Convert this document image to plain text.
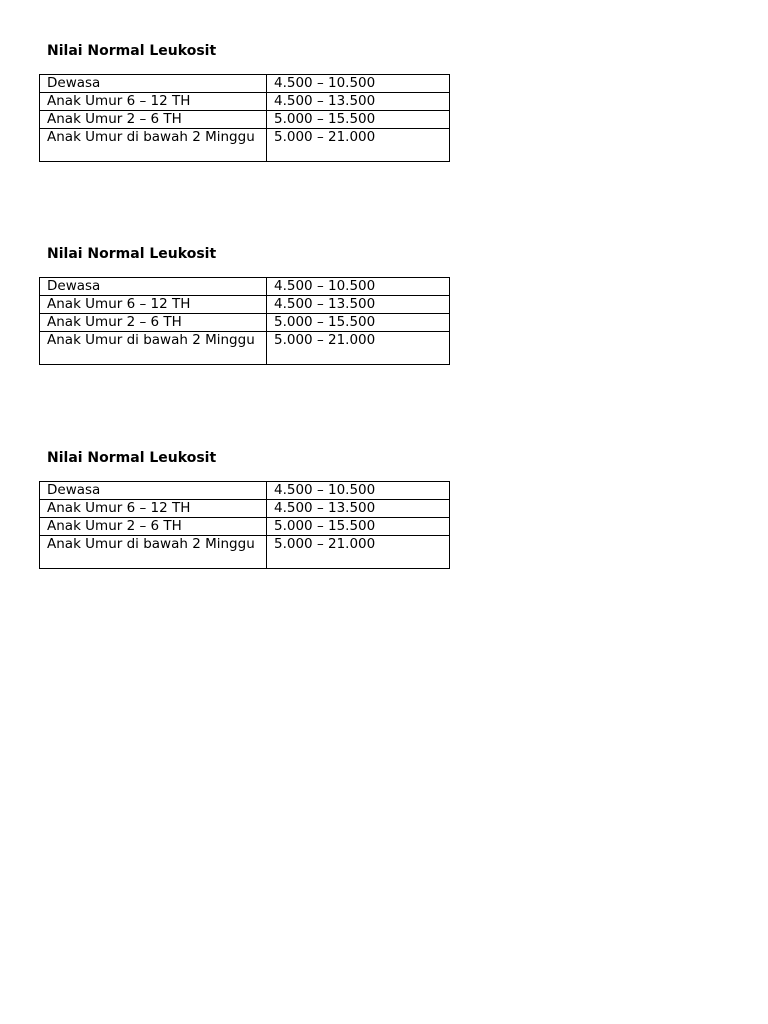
Nilai Normal Leukosit
Dewasa	4.500 – 10.500
Anak Umur 6 – 12 TH	4.500 – 13.500
Anak Umur 2 – 6 TH	5.000 – 15.500
Anak Umur di bawah 2 Minggu	5.000 – 21.000
Nilai Normal Leukosit
Dewasa	4.500 – 10.500
Anak Umur 6 – 12 TH	4.500 – 13.500
Anak Umur 2 – 6 TH	5.000 – 15.500
Anak Umur di bawah 2 Minggu	5.000 – 21.000
Nilai Normal Leukosit
Dewasa	4.500 – 10.500
Anak Umur 6 – 12 TH	4.500 – 13.500
Anak Umur 2 – 6 TH	5.000 – 15.500
Anak Umur di bawah 2 Minggu	5.000 – 21.000
